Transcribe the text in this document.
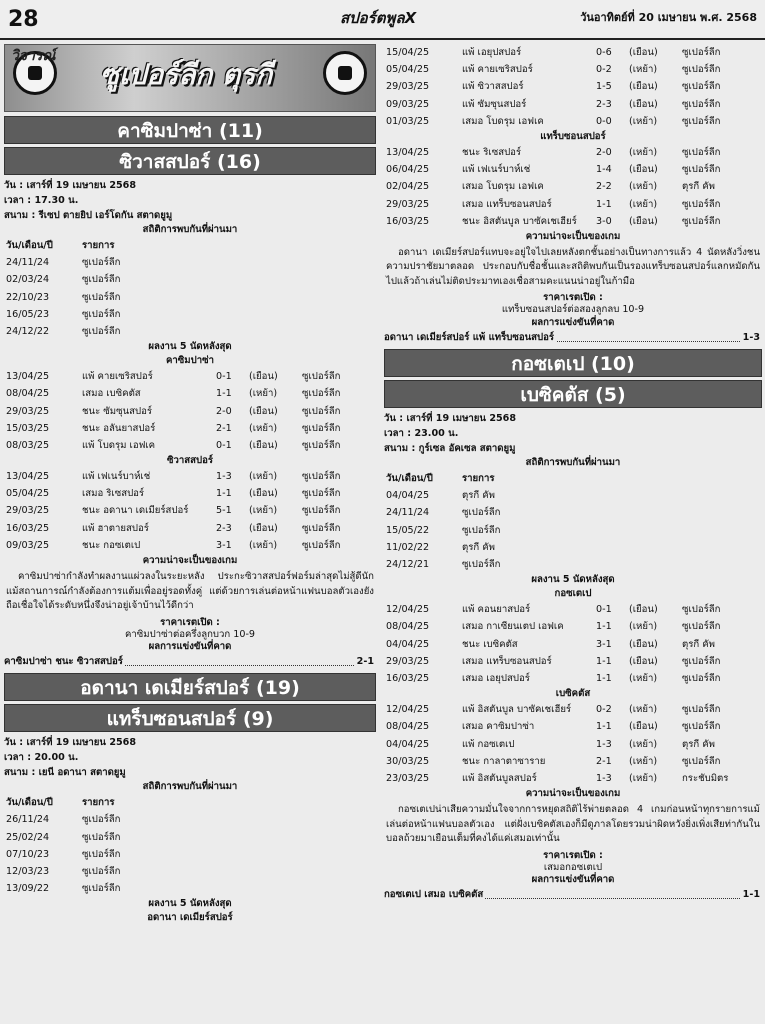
28	สปอร์ตพูลX	วันอาทิตย์ที่ 20 เมษายน พ.ศ. 2568
วิจารณ์
ซูเปอร์ลีก ตุรกี
คาซิมปาซ่า (11)
ซิวาสสปอร์ (16)
วัน : เสาร์ที่ 19 เมษายน 2568
เวลา : 17.30 น.
สนาม : รีเซป ตายยิป เอร์โดกัน สตาดยูมู
สถิติการพบกันที่ผ่านมา
วัน/เดือน/ปี	รายการ
24/11/24	ซูเปอร์ลีก
02/03/24	ซูเปอร์ลีก
22/10/23	ซูเปอร์ลีก
16/05/23	ซูเปอร์ลีก
24/12/22	ซูเปอร์ลีก
ผลงาน 5 นัดหลังสุด
คาซิมปาซ่า
13/04/25	แพ้ คายเซริสปอร์	0-1 (เยือน)	ซูเปอร์ลีก
08/04/25	เสมอ เบซิคตัส	1-1 (เหย้า)	ซูเปอร์ลีก
29/03/25	ชนะ ซัมซุนสปอร์	2-0 (เยือน)	ซูเปอร์ลีก
15/03/25	ชนะ อลันยาสปอร์	2-1 (เหย้า)	ซูเปอร์ลีก
08/03/25	แพ้ โบดรุม เอฟเค	0-1 (เยือน)	ซูเปอร์ลีก
ซิวาสสปอร์
13/04/25	แพ้ เฟเนร์บาห์เช่	1-3 (เหย้า)	ซูเปอร์ลีก
05/04/25	เสมอ ริเซสปอร์	1-1 (เยือน)	ซูเปอร์ลีก
29/03/25	ชนะ อดานา เดเมียร์สปอร์	5-1 (เหย้า)	ซูเปอร์ลีก
16/03/25	แพ้ ฮาตายสปอร์	2-3 (เยือน)	ซูเปอร์ลีก
09/03/25	ชนะ กอซเตเป	3-1 (เหย้า)	ซูเปอร์ลีก
ความน่าจะเป็นของเกม
คาซิมปาซ่ากำลังทำผลงานแผ่วลงในระยะหลัง ประกะซิวาสสปอร์ฟอร์มล่าสุดไม่สู้ดีนักแม้สถานการณ์กำลังต้องการแต้มเพื่ออยู่รอดทั้งคู่ แต่ด้วยการเล่นต่อหน้าแฟนบอลตัวเองยังถือเชื่อใจได้ระดับหนึ่งจึงน่าอยู่เจ้าบ้านไว้ดีกว่า
ราคาเรตเปิด :
คาซิมปาซ่าต่อครึ่งลูกบวก 10-9
ผลการแข่งขันที่คาด
คาซิมปาซ่า ชนะ ซิวาสสปอร์	2-1
อดานา เดเมียร์สปอร์ (19)
แทร็บซอนสปอร์ (9)
วัน : เสาร์ที่ 19 เมษายน 2568
เวลา : 20.00 น.
สนาม : เยนี อดานา สตาดยูมู
สถิติการพบกันที่ผ่านมา
วัน/เดือน/ปี	รายการ
26/11/24	ซูเปอร์ลีก
25/02/24	ซูเปอร์ลีก
07/10/23	ซูเปอร์ลีก
12/03/23	ซูเปอร์ลีก
13/09/22	ซูเปอร์ลีก
ผลงาน 5 นัดหลังสุด
อดานา เดเมียร์สปอร์
15/04/25	แพ้ เอยุปสปอร์	0-6 (เยือน)	ซูเปอร์ลีก
05/04/25	แพ้ คายเซริสปอร์	0-2 (เหย้า)	ซูเปอร์ลีก
29/03/25	แพ้ ซิวาสสปอร์	1-5 (เยือน)	ซูเปอร์ลีก
09/03/25	แพ้ ซัมซุนสปอร์	2-3 (เยือน)	ซูเปอร์ลีก
01/03/25	เสมอ โบดรุม เอฟเค	0-0 (เหย้า)	ซูเปอร์ลีก
แทร็บซอนสปอร์
13/04/25	ชนะ ริเซสปอร์	2-0 (เหย้า)	ซูเปอร์ลีก
06/04/25	แพ้ เฟเนร์บาห์เช่	1-4 (เยือน)	ซูเปอร์ลีก
02/04/25	เสมอ โบดรุม เอฟเค	2-2 (เหย้า)	ตุรกี คัพ
29/03/25	เสมอ แทร็บซอนสปอร์	1-1 (เหย้า)	ซูเปอร์ลีก
16/03/25	ชนะ อิสตันบูล บาซัคเชเฮียร์ 3-0 (เยือน)	ซูเปอร์ลีก
ความน่าจะเป็นของเกม
อดานา เดเมียร์สปอร์แทบจะอยู่ใจไปเลยหลังตกชั้นอย่างเป็นทางการแล้ว 4 นัดหลังวิ่งชนความปราชัยมาตลอด ประกอบกับชื่อชั้นและสถิติพบกันเป็นรองแทร็บซอนสปอร์แลกหมัดกันไปแล้วถ้าเล่นไม่ติดประมาทเองเชื่อสามคะแนนน่าอยู่ในก้ามือ
ราคาเรตเปิด :
แทร็บซอนสปอร์ต่อสองลูกลบ 10-9
ผลการแข่งขันที่คาด
อดานา เดเมียร์สปอร์ แพ้ แทร็บซอนสปอร์	1-3
กอซเตเป (10)
เบซิคตัส (5)
วัน : เสาร์ที่ 19 เมษายน 2568
เวลา : 23.00 น.
สนาม : กูร์เซล อัคเซล สตาดยูมู
สถิติการพบกันที่ผ่านมา
วัน/เดือน/ปี	รายการ
04/04/25	ตุรกี คัพ
24/11/24	ซูเปอร์ลีก
15/05/22	ซูเปอร์ลีก
11/02/22	ตุรกี คัพ
24/12/21	ซูเปอร์ลีก
ผลงาน 5 นัดหลังสุด
กอซเตเป
12/04/25	แพ้ คอนยาสปอร์	0-1 (เยือน)	ซูเปอร์ลีก
08/04/25	เสมอ กาเซียนเตป เอฟเค	1-1 (เหย้า)	ซูเปอร์ลีก
04/04/25	ชนะ เบซิคตัส	3-1 (เยือน)	ตุรกี คัพ
29/03/25	เสมอ แทร็บซอนสปอร์	1-1 (เยือน)	ซูเปอร์ลีก
16/03/25	เสมอ เอยุปสปอร์	1-1 (เหย้า)	ซูเปอร์ลีก
เบซิคตัส
12/04/25	แพ้ อิสตันบูล บาซัคเชเฮียร์	0-2 (เหย้า)	ซูเปอร์ลีก
08/04/25	เสมอ คาซิมปาซ่า	1-1 (เยือน)	ซูเปอร์ลีก
04/04/25	แพ้ กอซเตเป	1-3 (เหย้า)	ตุรกี คัพ
30/03/25	ชนะ กาลาตาซาราย	2-1 (เหย้า)	ซูเปอร์ลีก
23/03/25	แพ้ อิสตันบูลสปอร์	1-3 (เหย้า)	กระชับมิตร
ความน่าจะเป็นของเกม
กอซเตเปน่าเสียความมั่นใจจากการหยุดสถิติไร้พ่ายตลอด 4 เกมก่อนหน้าทุกรายการแม้เล่นต่อหน้าแฟนบอลตัวเอง แต่ฝั่งเบซิคตัสเองก็มีดูภาลโดยรวมน่าผิดหวังยิ่งเพิ่งเสียท่ากันในบอลถ้วยมาเยือนเต็มที่คงได้แค่เสมอเท่านั้น
ราคาเรตเปิด :
เสมอกอซเตเป
ผลการแข่งขันที่คาด
กอซเตเป เสมอ เบซิคตัส	1-1
